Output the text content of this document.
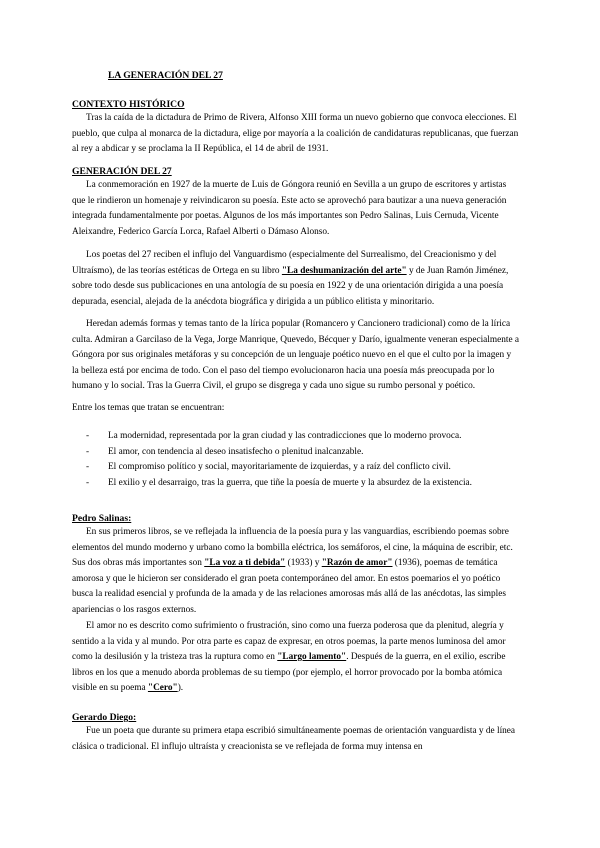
LA GENERACIÓN DEL 27
CONTEXTO HISTÓRICO
Tras la caída de la dictadura de Primo de Rivera, Alfonso XIII forma un nuevo gobierno que convoca elecciones. El pueblo, que culpa al monarca de la dictadura, elige por mayoría a la coalición de candidaturas republicanas, que fuerzan al rey a abdicar y se proclama la II República, el 14 de abril de 1931.
GENERACIÓN DEL 27
La conmemoración en 1927 de la muerte de Luis de Góngora reunió en Sevilla a un grupo de escritores y artistas que le rindieron un homenaje y reivindicaron su poesía. Este acto se aprovechó para bautizar a una nueva generación integrada fundamentalmente por poetas. Algunos de los más importantes son Pedro Salinas, Luis Cernuda, Vicente Aleixandre, Federico García Lorca, Rafael Alberti o Dámaso Alonso.
Los poetas del 27 reciben el influjo del Vanguardismo (especialmente del Surrealismo, del Creacionismo y del Ultraísmo), de las teorías estéticas de Ortega en su libro "La deshumanización del arte" y de Juan Ramón Jiménez, sobre todo desde sus publicaciones en una antología de su poesía en 1922 y de una orientación dirigida a una poesía depurada, esencial, alejada de la anécdota biográfica y dirigida a un público elitista y minoritario.
Heredan además formas y temas tanto de la lírica popular (Romancero y Cancionero tradicional) como de la lírica culta. Admiran a Garcilaso de la Vega, Jorge Manrique, Quevedo, Bécquer y Darío, igualmente veneran especialmente a Góngora por sus originales metáforas y su concepción de un lenguaje poético nuevo en el que el culto por la imagen y la belleza está por encima de todo. Con el paso del tiempo evolucionaron hacia una poesía más preocupada por lo humano y lo social. Tras la Guerra Civil, el grupo se disgrega y cada uno sigue su rumbo personal y poético.
Entre los temas que tratan se encuentran:
- La modernidad, representada por la gran ciudad y las contradicciones que lo moderno provoca.
- El amor, con tendencia al deseo insatisfecho o plenitud inalcanzable.
- El compromiso político y social, mayoritariamente de izquierdas, y a raíz del conflicto civil.
- El exilio y el desarraigo, tras la guerra, que tiñe la poesía de muerte y la absurdez de la existencia.
Pedro Salinas:
En sus primeros libros, se ve reflejada la influencia de la poesía pura y las vanguardias, escribiendo poemas sobre elementos del mundo moderno y urbano como la bombilla eléctrica, los semáforos, el cine, la máquina de escribir, etc. Sus dos obras más importantes son "La voz a ti debida" (1933) y "Razón de amor" (1936), poemas de temática amorosa y que le hicieron ser considerado el gran poeta contemporáneo del amor. En estos poemarios el yo poético busca la realidad esencial y profunda de la amada y de las relaciones amorosas más allá de las anécdotas, las simples apariencias o los rasgos externos.
El amor no es descrito como sufrimiento o frustración, sino como una fuerza poderosa que da plenitud, alegría y sentido a la vida y al mundo. Por otra parte es capaz de expresar, en otros poemas, la parte menos luminosa del amor como la desilusión y la tristeza tras la ruptura como en "Largo lamento". Después de la guerra, en el exilio, escribe libros en los que a menudo aborda problemas de su tiempo (por ejemplo, el horror provocado por la bomba atómica visible en su poema "Cero").
Gerardo Diego:
Fue un poeta que durante su primera etapa escribió simultáneamente poemas de orientación vanguardista y de línea clásica o tradicional. El influjo ultraísta y creacionista se ve reflejada de forma muy intensa en
